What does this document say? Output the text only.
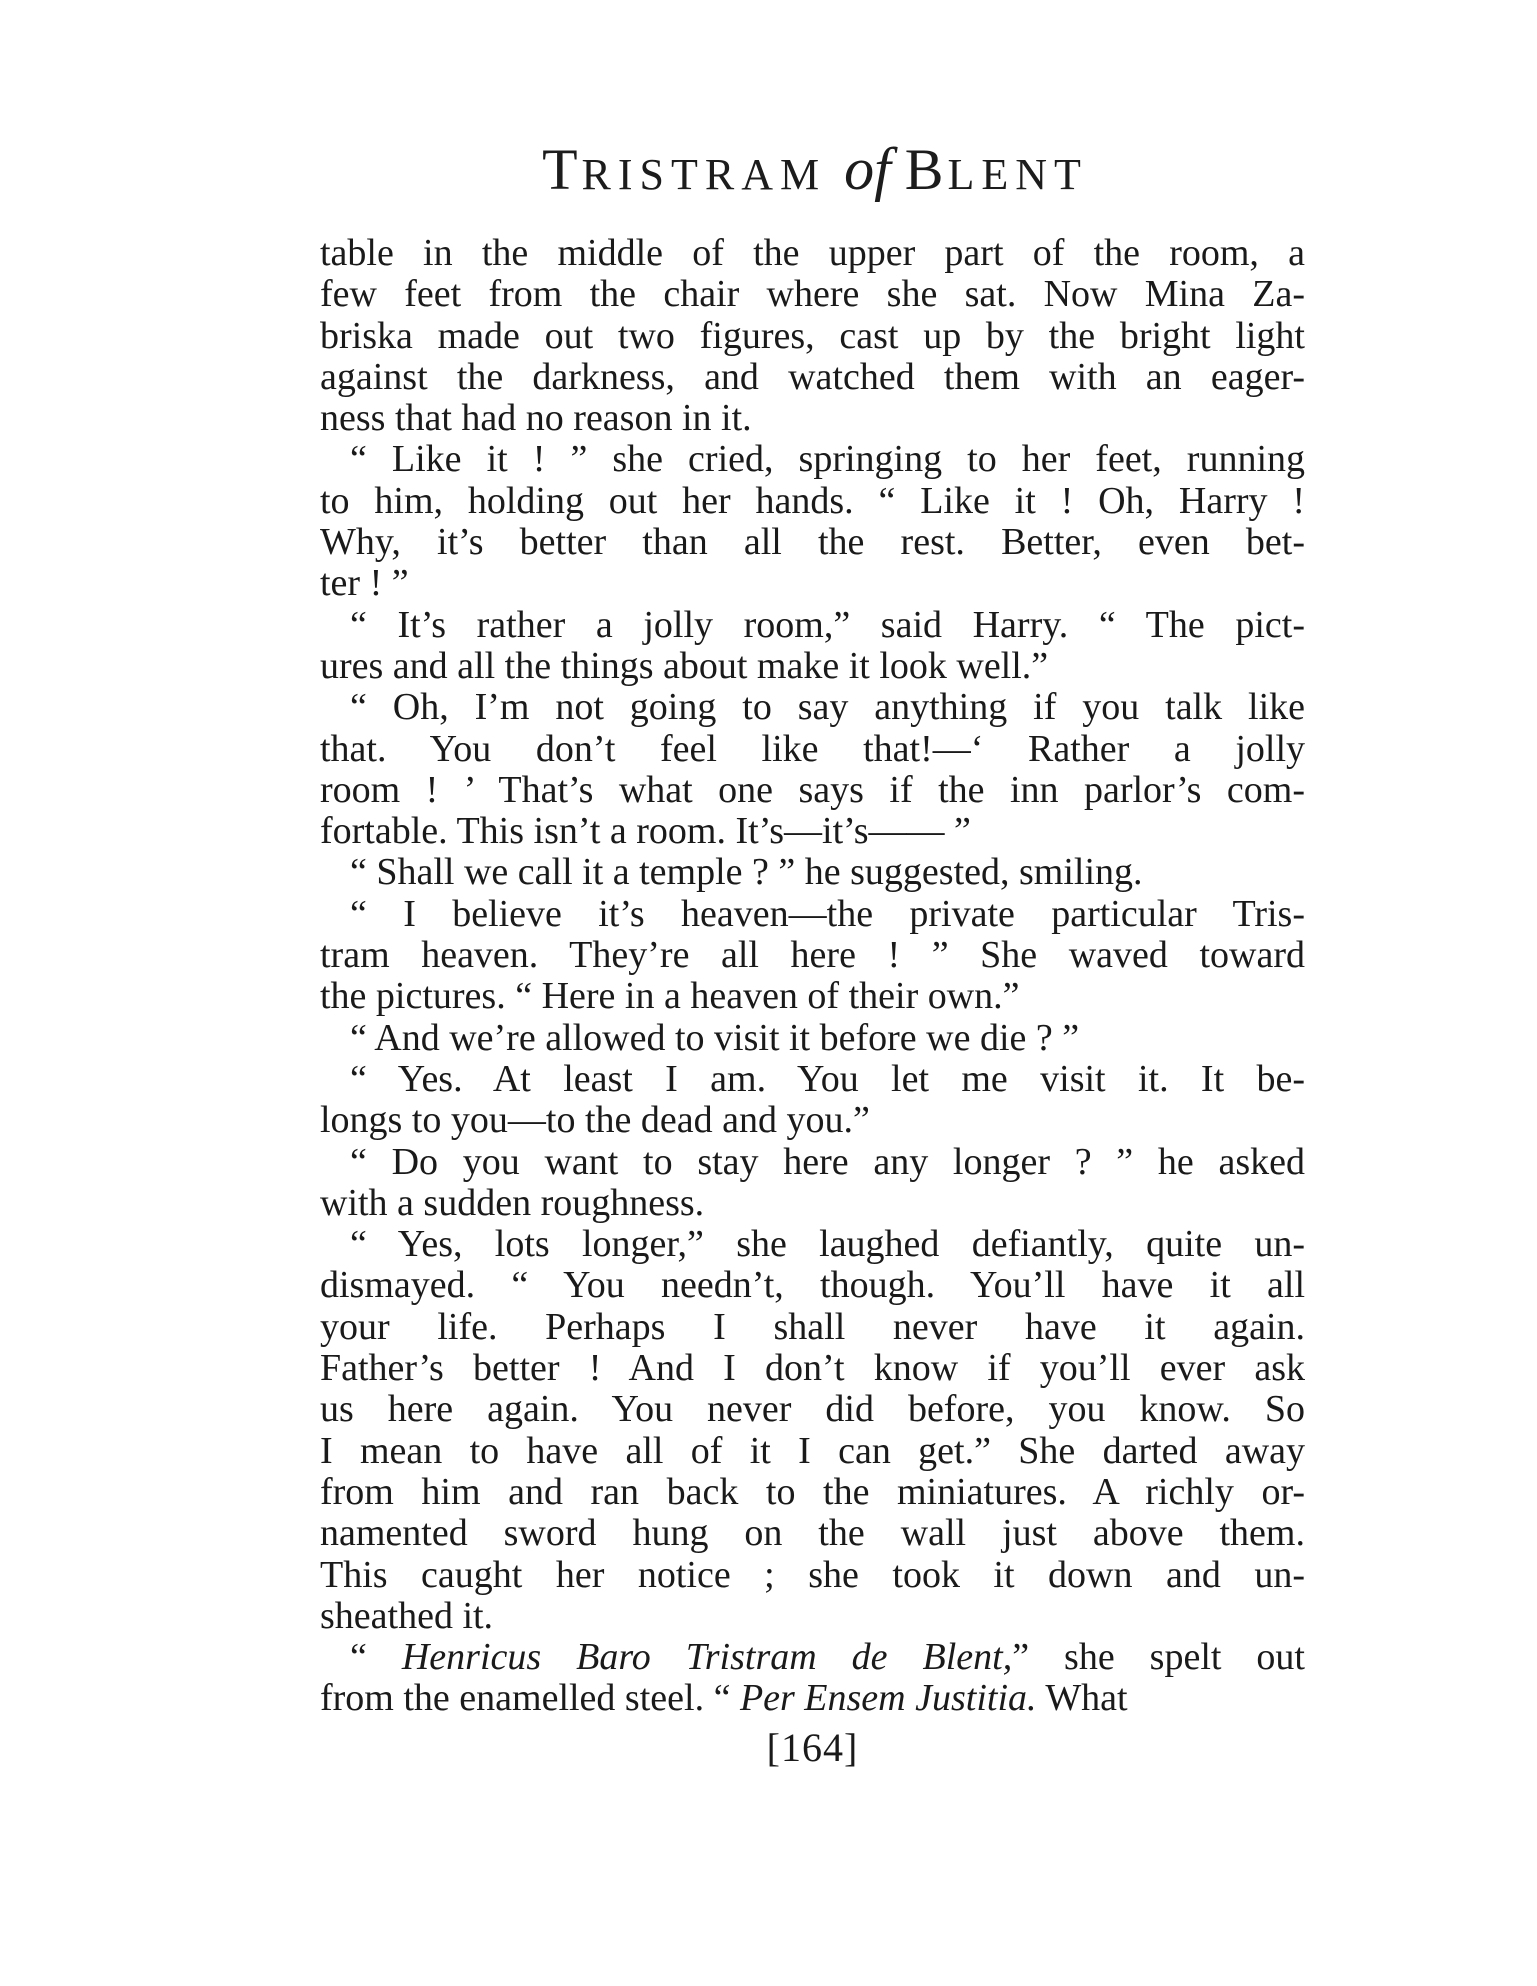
TRISTRAM of BLENT
table in the middle of the upper part of the room, a
few feet from the chair where she sat. Now Mina Za-
briska made out two figures, cast up by the bright light
against the darkness, and watched them with an eager-
ness that had no reason in it.
“ Like it ! ” she cried, springing to her feet, running
to him, holding out her hands. “ Like it ! Oh, Harry !
Why, it’s better than all the rest. Better, even bet-
ter ! ”
“ It’s rather a jolly room,” said Harry. “ The pict-
ures and all the things about make it look well.”
“ Oh, I’m not going to say anything if you talk like
that. You don’t feel like that!—‘ Rather a jolly
room ! ’ That’s what one says if the inn parlor’s com-
fortable. This isn’t a room. It’s—it’s—— ”
“ Shall we call it a temple ? ” he suggested, smiling.
“ I believe it’s heaven—the private particular Tris-
tram heaven. They’re all here ! ” She waved toward
the pictures. “ Here in a heaven of their own.”
“ And we’re allowed to visit it before we die ? ”
“ Yes. At least I am. You let me visit it. It be-
longs to you—to the dead and you.”
“ Do you want to stay here any longer ? ” he asked
with a sudden roughness.
“ Yes, lots longer,” she laughed defiantly, quite un-
dismayed. “ You needn’t, though. You’ll have it all
your life. Perhaps I shall never have it again.
Father’s better ! And I don’t know if you’ll ever ask
us here again. You never did before, you know. So
I mean to have all of it I can get.” She darted away
from him and ran back to the miniatures. A richly or-
namented sword hung on the wall just above them.
This caught her notice ; she took it down and un-
sheathed it.
“ Henricus Baro Tristram de Blent,” she spelt out
from the enamelled steel. “ Per Ensem Justitia. What
[164]
